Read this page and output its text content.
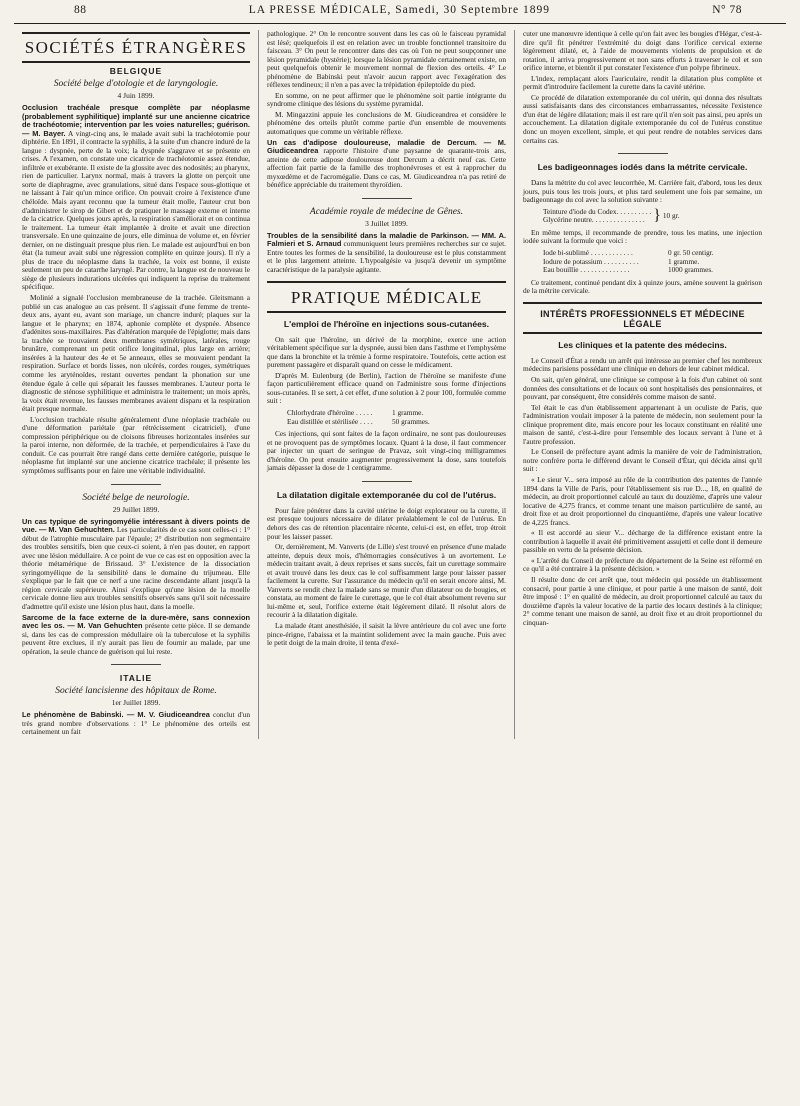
88	LA PRESSE MÉDICALE, Samedi, 30 Septembre 1899	N° 78
SOCIÉTÉS ÉTRANGÈRES
BELGIQUE
Société belge d'otologie et de laryngologie.
4 Juin 1899.

Occlusion trachéale presque complète par néoplasme (probablement syphilitique) implanté sur une ancienne cicatrice de trachéotomie; intervention par les voies naturelles; guérison. — M. Bayer. A vingt-cinq ans, le malade avait subi la trachéotomie pour diphtérie. En 1891, il contracte la syphilis, à la suite d'un chancre induré de la langue : dyspnée, perte de la voix; la dyspnée s'aggrave et se présente en crises. A l'examen, on constate une cicatrice de trachéotomie assez étendue, infiltrée et exubérante. Il existe de la glossite avec des nodosités; au pharynx, rien de particulier. Larynx normal, mais à travers la glotte on perçoit une sorte de diaphragme, avec granulations, situé dans l'espace sous-glottique et ne laissant à l'air qu'un mince orifice. On pouvait croire à l'existence d'une chéloïde. Mais ayant reconnu que la tumeur était molle, l'auteur crut bon d'administrer le sirop de Gibert et de pratiquer le massage externe et interne de la cicatrice. Quelques jours après, la respiration s'améliorait et on continua le traitement. La tumeur était implantée à droite et avait une direction transversale. En une quinzaine de jours, elle diminua de volume et, en février dernier, on ne distinguait presque plus rien. Le malade est aujourd'hui en bon état (la tumeur avait subi une régression complète en quinze jours). Il n'y a plus de trace du néoplasme dans la trachée, la voix est bonne, il existe seulement un peu de catarrhe laryngé. Par contre, la langue est de nouveau le siège de plusieurs indurations ulcérées qui indiquent la reprise du traitement spécifique.

Molinié a signalé l'occlusion membraneuse de la trachée. Gleitsmann a publié un cas analogue au cas présent. Il s'agissait d'une femme de trente-deux ans, ayant eu, avant son mariage, un chancre induré; plaques sur la langue et le pharynx; en 1874, aphonie complète et dyspnée. Absence d'adénites sous-maxillaires. Pas d'altération marquée de l'épiglotte; mais dans la trachée se trouvaient deux membranes symétriques, latérales, rouge brunâtre, comprenant un petit orifice longitudinal, plus large en arrière; insérées à la hauteur des 4e et 5e anneaux, elles se mouvaient pendant la respiration. Surface et bords lisses, non ulcérés, cordes rouges, symétriques comme les aryténoïdes, restant ouvertes pendant la phonation sur une étendue égale à celle qui séparait les fausses membranes. L'auteur porta le diagnostic de sténose syphilitique et administra le traitement; un mois après, la voix était revenue, les fausses membranes avaient disparu et la respiration était presque normale.

L'occlusion trachéale résulte généralement d'une néoplasie trachéale ou d'une déformation pariétale (par rétrécissement cicatriciel), d'une compression périphérique ou de cloisons fibreuses horizontales insérées sur la paroi interne, non déformée, de la trachée, et perpendiculaires à l'axe du conduit. Ce cas pourrait être rangé dans cette dernière catégorie, puisque le néoplasme fut implanté sur une ancienne cicatrice trachéale; il présente les symptômes suffisants pour en faire une véritable individualité.

Société belge de neurologie.
29 Juillet 1899.

Un cas typique de syringomyélie intéressant à divers points de vue. — M. Van Gehuchten. Les particularités de ce cas sont celles-ci : 1° début de l'atrophie musculaire par l'épaule; 2° distribution non segmentaire des troubles sensitifs, bien que ceux-ci soient, à n'en pas douter, en rapport avec une lésion médullaire. A ce point de vue ce cas est en opposition avec la théorie métamérique de Brissaud. 3° L'existence de la dissociation syringomyélique de la sensibilité dans le domaine du trijumeau. Elle s'explique par le fait que ce nerf a une racine descendante allant jusqu'à la région cervicale supérieure. Ainsi s'explique qu'une lésion de la moelle cervicale donne lieu aux troubles sensitifs observés sans qu'il soit nécessaire d'admettre qu'il existe une lésion plus haut, dans la moelle.

Sarcome de la face externe de la dure-mère, sans connexion avec les os. — M. Van Gehuchten présente cette pièce. Il se demande si, dans les cas de compression médullaire où la tuberculose et la syphilis peuvent être exclues, il n'y aurait pas lieu de fournir au malade, par une opération, la seule chance de guérison qui lui reste.

ITALIE
Société lancisienne des hôpitaux de Rome.
1er Juillet 1899.

Le phénomène de Babinski. — M. V. Giudiceandrea conclut d'un très grand nombre d'observations : 1° Le phénomène des orteils est certainement un fait

pathologique. 2° On le rencontre souvent dans les cas où le faisceau pyramidal est lésé; quelquefois il est en relation avec un trouble fonctionnel transitoire du faisceau. 3° On peut le rencontrer dans des cas où l'on ne peut soupçonner une lésion pyramidale (hystérie); lorsque la lésion pyramidale certainement existe, on peut quelquefois obtenir le mouvement normal de flexion des orteils. 4° Le phénomène de Babinski peut n'avoir aucun rapport avec l'exagération des réflexes tendineux; il n'en a pas avec la trépidation épileptoïde du pied.

En somme, on ne peut affirmer que le phénomène soit partie intégrante du syndrome clinique des lésions du système pyramidal.

M. Mingazzini appuie les conclusions de M. Giudiceandrea et considère le phénomène des orteils plutôt comme partie d'un ensemble de mouvements automatiques que comme un véritable réflexe.

Un cas d'adipose douloureuse, maladie de Dercum. — M. Giudiceandrea rapporte l'histoire d'une paysanne de quarante-trois ans, atteinte de cette adipose douloureuse dont Dercum a décrit neuf cas. Cette affection fait partie de la famille des trophonévroses et est à rapprocher du myxœdème et de l'acromégalie. Dans ce cas, M. Giudiceandrea n'a pas retiré de bénéfice appréciable du traitement thyroïdien.

Académie royale de médecine de Gênes.
3 Juillet 1899.

Troubles de la sensibilité dans la maladie de Parkinson. — MM. A. Falmieri et S. Arnaud communiquent leurs premières recherches sur ce sujet. Entre toutes les formes de la sensibilité, la douloureuse est le plus constamment et le plus largement atteinte. L'hypoalgésie va jusqu'à devenir un symptôme caractéristique de la paralysie agitante.

PRATIQUE MÉDICALE
L'emploi de l'héroïne en injections sous-cutanées.

On sait que l'héroïne, un dérivé de la morphine, exerce une action véritablement spécifique sur la dyspnée, aussi bien dans l'asthme et l'emphysème que dans la bronchite et la trémie à forme respiratoire. Toutefois, cette action est purement passagère et disparaît quand on cesse le médicament.

D'après M. Eulenburg (de Berlin), l'action de l'héroïne se manifeste d'une façon particulièrement efficace quand on l'administre sous forme d'injections sous-cutanées. Il se sert, à cet effet, d'une solution à 2 pour 100, formulée comme suit :

Chlorhydrate d'héroïne . . . . .	1 gramme.
Eau distillée et stérilisée . . . .	50 grammes.

Ces injections, qui sont faites de la façon ordinaire, ne sont pas douloureuses et ne provoquent pas de symptômes locaux. Quant à la dose, il faut commencer par injecter un quart de seringue de Pravaz, soit vingt-cinq milligrammes d'héroïne. On peut ensuite augmenter progressivement la dose, sans toutefois jamais dépasser la dose de 1 centigramme.

La dilatation digitale extemporanée du col de l'utérus.

Pour faire pénétrer dans la cavité utérine le doigt explorateur ou la curette, il est presque toujours nécessaire de dilater préalablement le col de l'utérus. En dehors des cas de rétention placentaire récente, celui-ci est, en effet, trop étroit pour les laisser passer.

Or, dernièrement, M. Vanverts (de Lille) s'est trouvé en présence d'une malade atteinte, depuis deux mois, d'hémorragies consécutives à un avortement. Le médecin traitant avait, à deux reprises et sans succès, fait un curettage sommaire et avait trouvé dans les deux cas le col suffisamment large pour laisser passer facilement la curette. Sur l'assurance du médecin qu'il en serait encore ainsi, M. Vanverts se rendit chez la malade sans se munir d'un dilatateur ou de bougies, et constata, au moment de faire le curettage, que le col était absolument revenu sur lui-même et, seul, l'orifice externe était légèrement dilaté. Il résolut alors de recourir à la dilatation digitale.

La malade étant anesthésiée, il saisit la lèvre antérieure du col avec une forte pince-érigne, l'abaissa et la maintint solidement avec la main gauche. Puis avec le petit doigt de la main droite, il tenta d'exé-

cuter une manœuvre identique à celle qu'on fait avec les bougies d'Hégar, c'est-à-dire qu'il fit pénétrer l'extrémité du doigt dans l'orifice cervical externe légèrement dilaté, et, à l'aide de mouvements violents de propulsion et de rotation, il arriva progressivement et non sans efforts à traverser le col et son orifice interne, et bientôt il put constater l'existence d'un polype fibrineux.

L'index, remplaçant alors l'auriculaire, rendit la dilatation plus complète et permit d'introduire facilement la curette dans la cavité utérine.

Ce procédé de dilatation extemporanée du col utérin, qui donna des résultats aussi satisfaisants dans des circonstances embarrassantes, nécessite l'existence d'un état de légère dilatation; mais il est rare qu'il n'en soit pas ainsi, peu après un accouchement. La dilatation digitale extemporanée du col de l'utérus constitue donc un moyen excellent, simple, et qui peut rendre de notables services dans certains cas.

Les badigeonnages iodés dans la métrite cervicale.

Dans la métrite du col avec leucorrhée, M. Carrière fait, d'abord, tous les deux jours, puis tous les trois jours, et plus tard seulement une fois par semaine, un badigeonnage du col avec la solution suivante :

Teinture d'iode du Codex. . . . . . . . . .
Glycérine neutre. . . . . . . . . . . . . . . } 10 gr.

En même temps, il recommande de prendre, tous les matins, une injection iodée suivant la formule que voici :

Iode bi-sublimé . . . . . . . . . . . .	0 gr. 50 centigr.
Iodure de potassium . . . . . . . . . .	1 gramme.
Eau bouillie . . . . . . . . . . . . . .	1000 grammes.

Ce traitement, continué pendant dix à quinze jours, amène souvent la guérison de la métrite cervicale.

INTÉRÊTS PROFESSIONNELS ET MÉDECINE LÉGALE
Les cliniques et la patente des médecins.

Le Conseil d'État a rendu un arrêt qui intéresse au premier chef les nombreux médecins parisiens possédant une clinique en dehors de leur cabinet médical.

On sait, qu'en général, une clinique se compose à la fois d'un cabinet où sont données des consultations et de locaux où sont hospitalisés des pensionnaires, et pouvant, par conséquent, être considérés comme maison de santé.

Tel était le cas d'un établissement appartenant à un oculiste de Paris, que l'administration voulait imposer à la patente de médecin, non seulement pour la clinique proprement dite, mais encore pour les locaux constituant en réalité une maison de santé, c'est-à-dire pour l'ensemble des locaux servant à l'une et à l'autre profession.

Le Conseil de préfecture ayant admis la manière de voir de l'administration, notre confrère porta le différend devant le Conseil d'État, qui décida ainsi qu'il suit :

« Le sieur V... sera imposé au rôle de la contribution des patentes de l'année 1894 dans la Ville de Paris, pour l'établissement sis rue D..., 18, en qualité de médecin, au droit proportionnel calculé au taux du douzième, d'après une valeur locative de 4,275 francs, et comme tenant une maison particulière de santé, au droit fixe et au droit proportionnel du cinquantième, d'après une valeur locative de 4,225 francs.

« Il est accordé au sieur V... décharge de la différence existant entre la contribution à laquelle il avait été primitivement assujetti et celle dont il demeure passible en vertu de la présente décision.

« L'arrêté du Conseil de préfecture du département de la Seine est réformé en ce qu'il a été contraire à la présente décision. »

Il résulte donc de cet arrêt que, tout médecin qui possède un établissement consacré, pour partie à une clinique, et pour partie à une maison de santé, doit être imposé : 1° en qualité de médecin, au droit proportionnel calculé au taux du douzième d'après la valeur locative de la partie des locaux destinés à la clinique; 2° comme tenant une maison de santé, au droit fixe et au droit proportionnel du cinquan-
